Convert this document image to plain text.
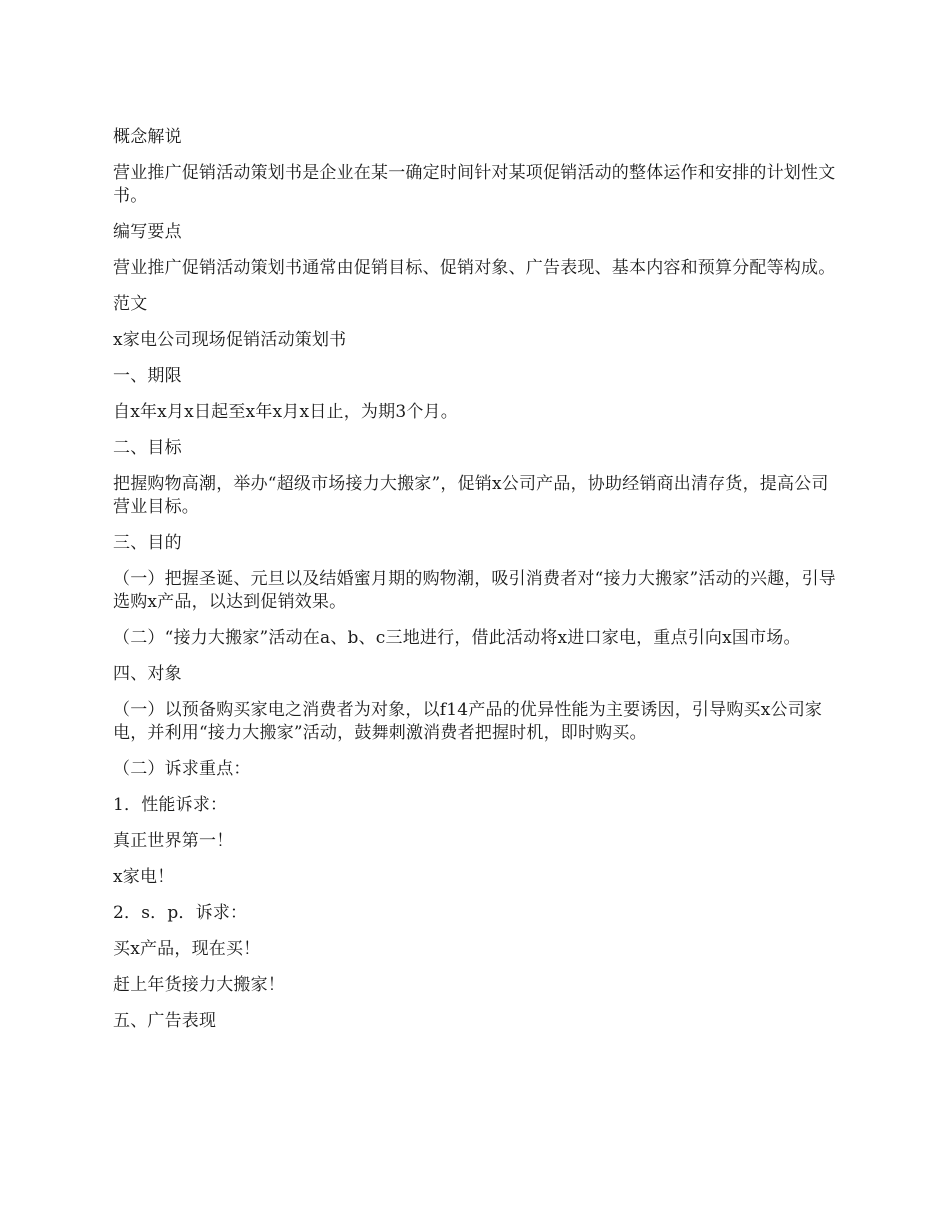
概念解说

营业推广促销活动策划书是企业在某一确定时间针对某项促销活动的整体运作和安排的计划性文书。

编写要点

营业推广促销活动策划书通常由促销目标、促销对象、广告表现、基本内容和预算分配等构成。

范文

x家电公司现场促销活动策划书

一、期限

自x年x月x日起至x年x月x日止，为期3个月。

二、目标

把握购物高潮，举办“超级市场接力大搬家”，促销x公司产品，协助经销商出清存货，提高公司营业目标。

三、目的

（一）把握圣诞、元旦以及结婚蜜月期的购物潮，吸引消费者对“接力大搬家”活动的兴趣，引导选购x产品，以达到促销效果。

（二）“接力大搬家”活动在a、b、c三地进行，借此活动将x进口家电，重点引向x国市场。

四、对象

（一）以预备购买家电之消费者为对象，以f14产品的优异性能为主要诱因，引导购买x公司家电，并利用“接力大搬家”活动，鼓舞刺激消费者把握时机，即时购买。

（二）诉求重点：

1．性能诉求：

真正世界第一！

x家电！

2．s．p．诉求：

买x产品，现在买！

赶上年货接力大搬家！

五、广告表现
